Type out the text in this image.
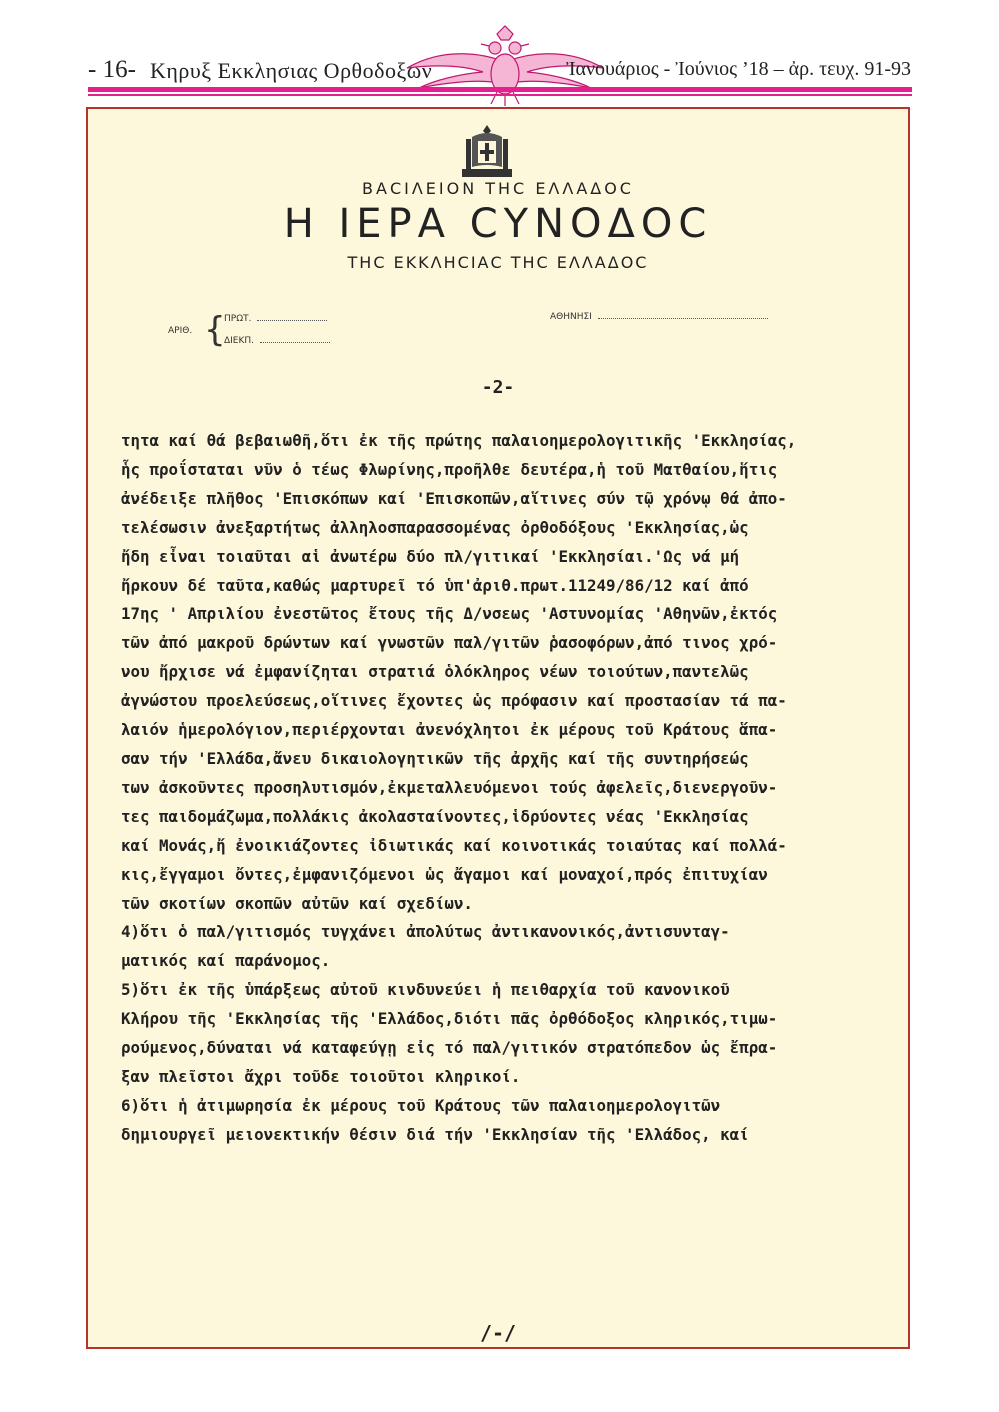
- 16- Κηρυξ Εκκλησιας Ορθοδοξων	Ἰανουάριος - Ἰούνιος ’18 – ἀρ. τευχ. 91-93
ΒΑCΙΛΕΙΟΝ ΤΗC ΕΛΛΑΔΟC
Η ΙΕΡΑ CΥΝΟΔΟC
ΤΗC ΕΚΚΛΗCΙΑC ΤΗC ΕΛΛΑΔΟC
ΑΡΙΘ. {
ΠΡΩΤ.
ΔΙΕΚΠ.
ΑΘΗΝΗΣΙ
-2-
τητα καί θά βεβαιωθῆ,ὅτι ἐκ τῆς πρώτης παλαιοημερολογιτικῆς 'Εκκλησίας,
ἧς προΐσταται νῦν ὁ τέως Φλωρίνης,προῆλθε δευτέρα,ἡ τοῦ Ματθαίου,ἥτις
ἀνέδειξε πλῆθος 'Επισκόπων καί 'Επισκοπῶν,αἵτινες σύν τῷ χρόνῳ θά ἀπο-
τελέσωσιν ἀνεξαρτήτως ἀλληλοσπαρασσομένας ὀρθοδόξους 'Εκκλησίας,ὡς
ἤδη εἶναι τοιαῦται αἱ ἀνωτέρω δύο πλ/γιτικαί 'Εκκλησίαι.'Ως νά μή
ἤρκουν δέ ταῦτα,καθώς μαρτυρεῖ τό ὑπ'ἀριθ.πρωτ.11249/86/12 καί ἀπό
17ης ' Απριλίου ἐνεστῶτος ἔτους τῆς Δ/νσεως 'Αστυνομίας 'Αθηνῶν,ἐκτός
τῶν ἀπό μακροῦ δρώντων καί γνωστῶν παλ/γιτῶν ῥασοφόρων,ἀπό τινος χρό-
νου ἤρχισε νά ἐμφανίζηται στρατιά ὁλόκληρος νέων τοιούτων,παντελῶς
ἀγνώστου προελεύσεως,οἵτινες ἔχοντες ὡς πρόφασιν καί προστασίαν τά πα-
λαιόν ἡμερολόγιον,περιέρχονται ἀνενόχλητοι ἐκ μέρους τοῦ Κράτους ἅπα-
σαν τήν 'Ελλάδα,ἄνευ δικαιολογητικῶν τῆς ἀρχῆς καί τῆς συντηρήσεώς
των ἀσκοῦντες προσηλυτισμόν,ἐκμεταλλευόμενοι τούς ἀφελεῖς,διενεργοῦν-
τες παιδομάζωμα,πολλάκις ἀκολασταίνοντες,ἱδρύοντες νέας 'Εκκλησίας
καί Μονάς,ἤ ἐνοικιάζοντες ἰδιωτικάς καί κοινοτικάς τοιαύτας καί πολλά-
κις,ἔγγαμοι ὄντες,ἐμφανιζόμενοι ὡς ἄγαμοι καί μοναχοί,πρός ἐπιτυχίαν
τῶν σκοτίων σκοπῶν αὐτῶν καί σχεδίων.
4)ὅτι ὁ παλ/γιτισμός τυγχάνει ἀπολύτως ἀντικανονικός,ἀντισυνταγ-
ματικός καί παράνομος.
5)ὅτι ἐκ τῆς ὑπάρξεως αὐτοῦ κινδυνεύει ἡ πειθαρχία τοῦ κανονικοῦ
Κλήρου τῆς 'Εκκλησίας τῆς 'Ελλάδος,διότι πᾶς ὀρθόδοξος κληρικός,τιμω-
ρούμενος,δύναται νά καταφεύγῃ εἰς τό παλ/γιτικόν στρατόπεδον ὡς ἔπρα-
ξαν πλεῖστοι ἄχρι τοῦδε τοιοῦτοι κληρικοί.
6)ὅτι ἡ ἀτιμωρησία ἐκ μέρους τοῦ Κράτους τῶν παλαιοημερολογιτῶν
δημιουργεῖ μειονεκτικήν θέσιν διά τήν 'Εκκλησίαν τῆς 'Ελλάδος, καί
/-/
